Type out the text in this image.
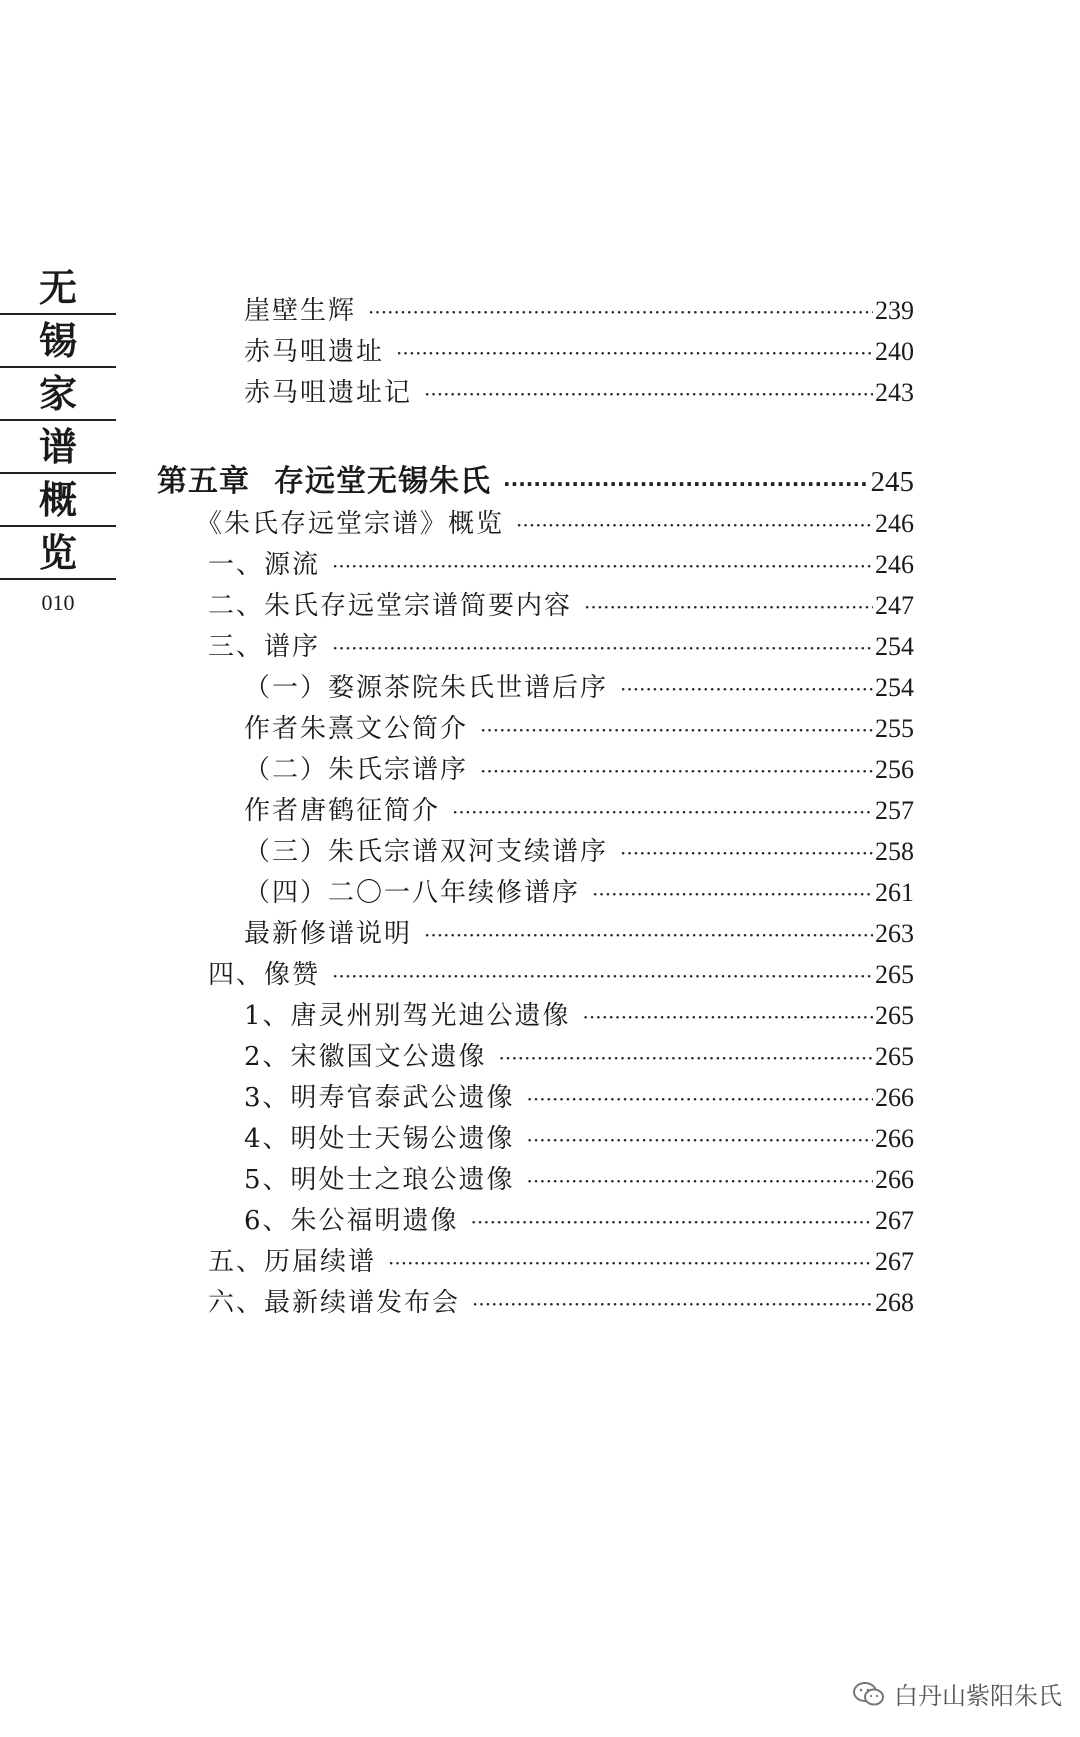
无
锡
家
谱
概
览
010
崖壁生辉 ·····	239
赤马咀遗址 ·····	240
赤马咀遗址记 ·····	243
第五章 存远堂无锡朱氏 ·····	245
《朱氏存远堂宗谱》概览 ·····	246
一、源流 ·····	246
二、朱氏存远堂宗谱简要内容 ·····	247
三、谱序 ·····	254
（一）婺源茶院朱氏世谱后序 ·····	254
作者朱熹文公简介 ·····	255
（二）朱氏宗谱序 ·····	256
作者唐鹤征简介 ·····	257
（三）朱氏宗谱双河支续谱序 ·····	258
（四）二〇一八年续修谱序 ·····	261
最新修谱说明 ·····	263
四、像赞 ·····	265
1、唐灵州别驾光迪公遗像 ·····	265
2、宋徽国文公遗像 ·····	265
3、明寿官泰武公遗像 ·····	266
4、明处士天锡公遗像 ·····	266
5、明处士之琅公遗像 ·····	266
6、朱公福明遗像 ·····	267
五、历届续谱 ·····	267
六、最新续谱发布会 ·····	268
白丹山紫阳朱氏
